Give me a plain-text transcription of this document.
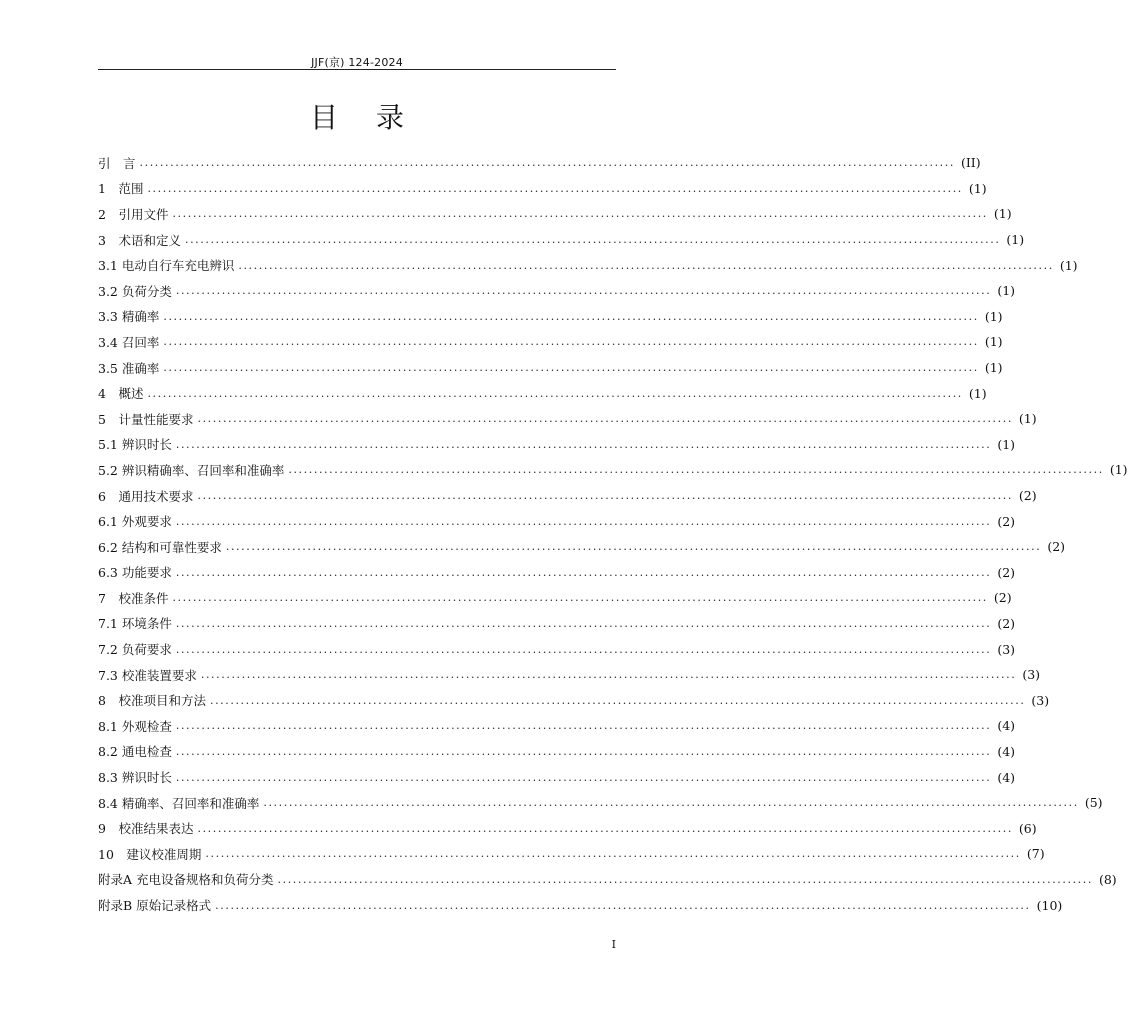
JJF(京) 124-2024
目录
引　言 ................................................................................................................................................................ (II)
1　范围 ................................................................................................................................................................ (1)
2　引用文件 ................................................................................................................................................................ (1)
3　术语和定义 ................................................................................................................................................................ (1)
3.1 电动自行车充电辨识 ................................................................................................................................................................ (1)
3.2 负荷分类 ................................................................................................................................................................ (1)
3.3 精确率 ................................................................................................................................................................ (1)
3.4 召回率 ................................................................................................................................................................ (1)
3.5 准确率 ................................................................................................................................................................ (1)
4　概述 ................................................................................................................................................................ (1)
5　计量性能要求 ................................................................................................................................................................ (1)
5.1 辨识时长 ................................................................................................................................................................ (1)
5.2 辨识精确率、召回率和准确率 ................................................................................................................................................................ (1)
6　通用技术要求 ................................................................................................................................................................ (2)
6.1 外观要求 ................................................................................................................................................................ (2)
6.2 结构和可靠性要求 ................................................................................................................................................................ (2)
6.3 功能要求 ................................................................................................................................................................ (2)
7　校准条件 ................................................................................................................................................................ (2)
7.1 环境条件 ................................................................................................................................................................ (2)
7.2 负荷要求 ................................................................................................................................................................ (3)
7.3 校准装置要求 ................................................................................................................................................................ (3)
8　校准项目和方法 ................................................................................................................................................................ (3)
8.1 外观检查 ................................................................................................................................................................ (4)
8.2 通电检查 ................................................................................................................................................................ (4)
8.3 辨识时长 ................................................................................................................................................................ (4)
8.4 精确率、召回率和准确率 ................................................................................................................................................................ (5)
9　校准结果表达 ................................................................................................................................................................ (6)
10　建议校准周期 ................................................................................................................................................................ (7)
附录A 充电设备规格和负荷分类 ................................................................................................................................................................ (8)
附录B 原始记录格式 ................................................................................................................................................................ (10)
I
